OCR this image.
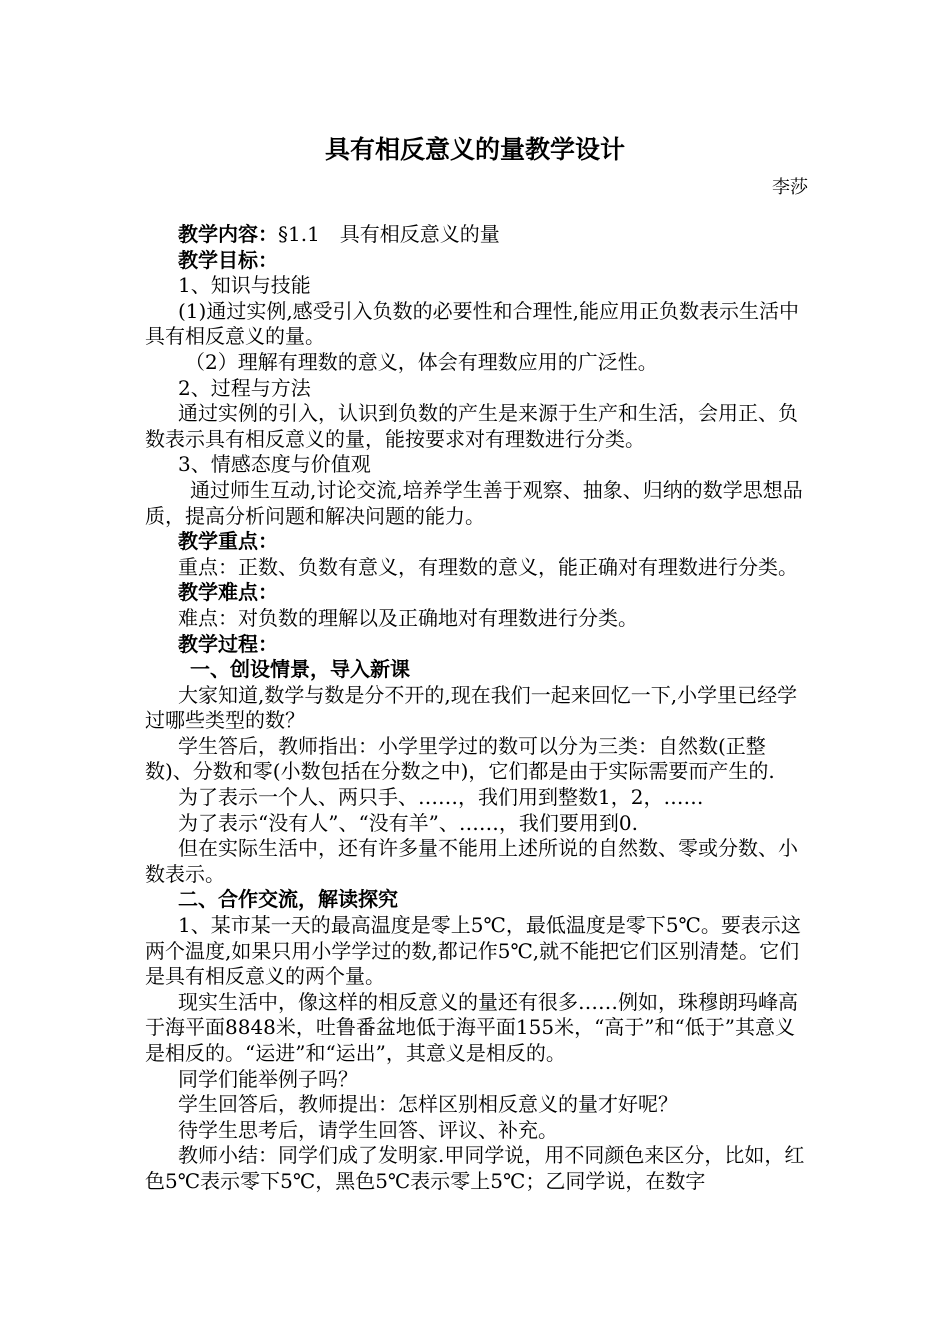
具有相反意义的量教学设计

李莎

教学内容：§1.1　具有相反意义的量

教学目标：

1、知识与技能

(1)通过实例,感受引入负数的必要性和合理性,能应用正负数表示生活中具有相反意义的量。

（2）理解有理数的意义，体会有理数应用的广泛性。

2、过程与方法

通过实例的引入，认识到负数的产生是来源于生产和生活，会用正、负数表示具有相反意义的量，能按要求对有理数进行分类。

3、情感态度与价值观

通过师生互动,讨论交流,培养学生善于观察、抽象、归纳的数学思想品质，提高分析问题和解决问题的能力。

教学重点：

重点：正数、负数有意义，有理数的意义，能正确对有理数进行分类。

教学难点：

难点：对负数的理解以及正确地对有理数进行分类。

教学过程：

一、创设情景，导入新课

大家知道,数学与数是分不开的,现在我们一起来回忆一下,小学里已经学过哪些类型的数？

学生答后，教师指出：小学里学过的数可以分为三类：自然数(正整数)、分数和零(小数包括在分数之中)，它们都是由于实际需要而产生的.

为了表示一个人、两只手、……，我们用到整数1，2，……

为了表示“没有人”、“没有羊”、……，我们要用到0.

但在实际生活中，还有许多量不能用上述所说的自然数、零或分数、小数表示。

二、合作交流，解读探究

1、某市某一天的最高温度是零上5℃，最低温度是零下5℃。要表示这两个温度,如果只用小学学过的数,都记作5℃,就不能把它们区别清楚。它们是具有相反意义的两个量。

现实生活中，像这样的相反意义的量还有很多……例如，珠穆朗玛峰高于海平面8848米，吐鲁番盆地低于海平面155米，“高于”和“低于”其意义是相反的。“运进”和“运出”，其意义是相反的。

同学们能举例子吗？

学生回答后，教师提出：怎样区别相反意义的量才好呢？

待学生思考后，请学生回答、评议、补充。

教师小结：同学们成了发明家.甲同学说，用不同颜色来区分，比如，红色5℃表示零下5℃，黑色5℃表示零上5℃；乙同学说，在数字
